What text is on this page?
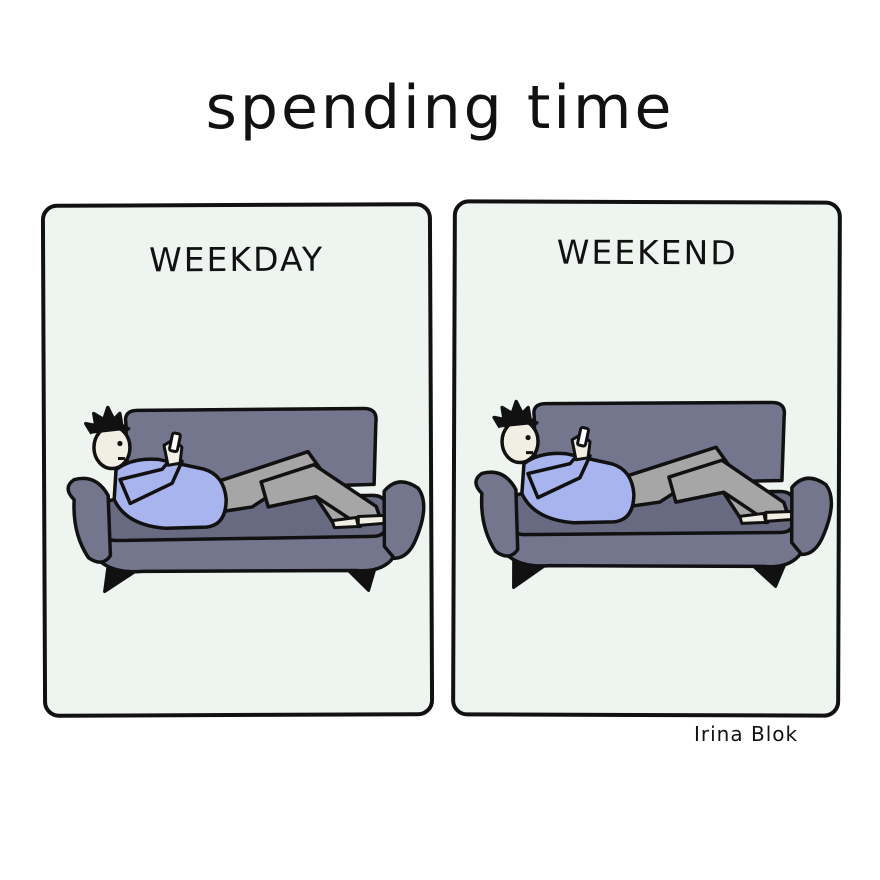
spending time
WEEKDAY	WEEKEND
Irina Blok
